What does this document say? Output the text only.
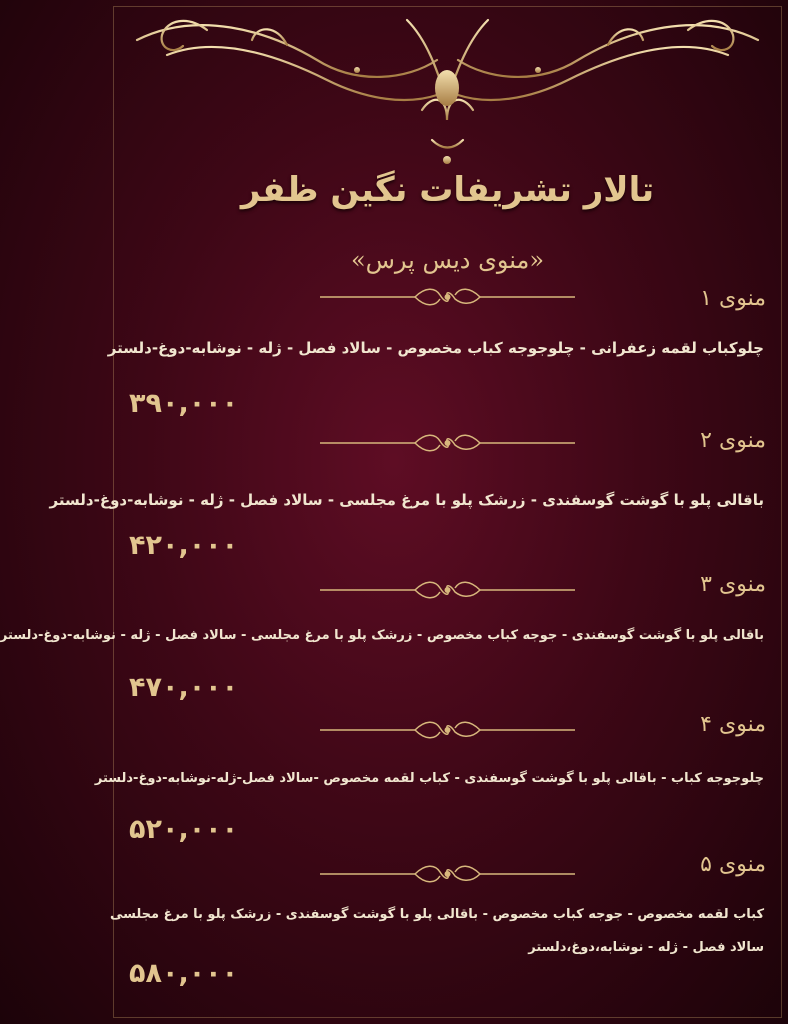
تالار تشریفات نگین ظفر
«منوی دیس پرس»
منوی ۱
چلوکباب لقمه زعفرانی - چلوجوجه کباب مخصوص - سالاد فصل - ژله - نوشابه-دوغ-دلستر
۳۹۰,۰۰۰
منوی ۲
باقالی پلو با گوشت گوسفندی - زرشک پلو با مرغ مجلسی - سالاد فصل - ژله - نوشابه-دوغ-دلستر
۴۲۰,۰۰۰
منوی ۳
باقالی پلو با گوشت گوسفندی - جوجه کباب مخصوص - زرشک پلو با مرغ مجلسی - سالاد فصل - ژله - نوشابه-دوغ-دلستر
۴۷۰,۰۰۰
منوی ۴
چلوجوجه کباب - باقالی پلو با گوشت گوسفندی - کباب لقمه مخصوص -سالاد فصل-ژله-نوشابه-دوغ-دلستر
۵۲۰,۰۰۰
منوی ۵
کباب لقمه مخصوص - جوجه کباب مخصوص - باقالی پلو با گوشت گوسفندی - زرشک پلو با مرغ مجلسی
سالاد فصل - ژله - نوشابه،دوغ،دلستر
۵۸۰,۰۰۰
